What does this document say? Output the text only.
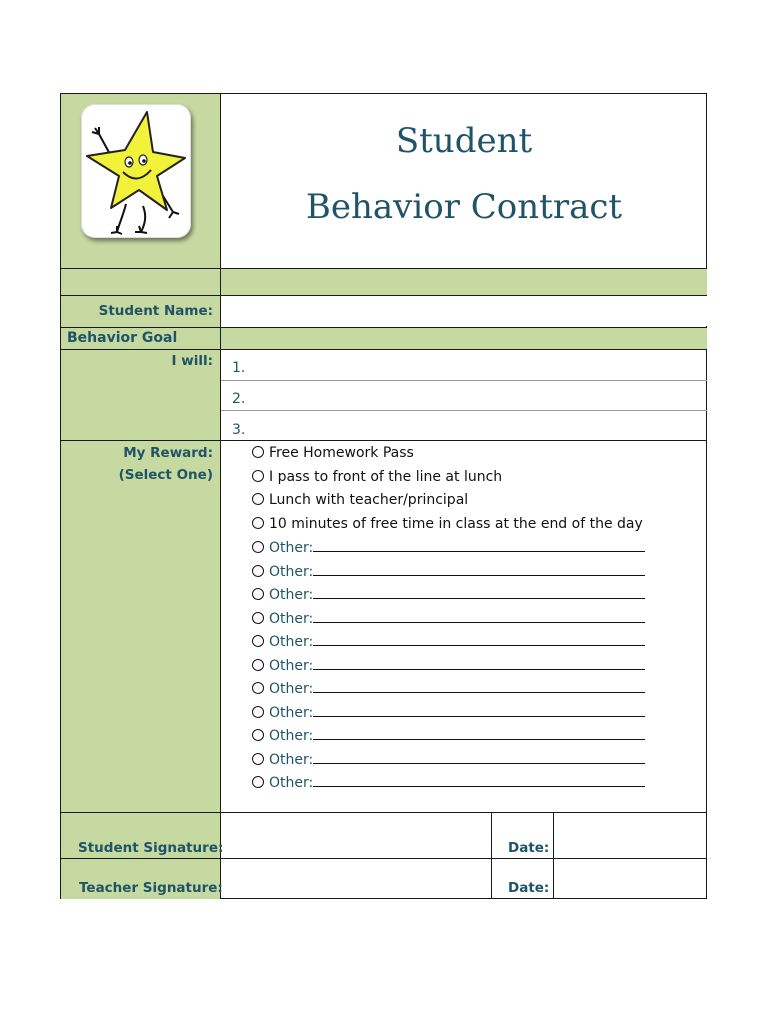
Student
Behavior Contract
Student Name:
Behavior Goal
I will:	1.
2.
3.
My Reward:
(Select One)
Free Homework Pass
I pass to front of the line at lunch
Lunch with teacher/principal
10 minutes of free time in class at the end of the day
Other:
Other:
Other:
Other:
Other:
Other:
Other:
Other:
Other:
Other:
Other:
Student Signature:	Date:
Teacher Signature:	Date:
